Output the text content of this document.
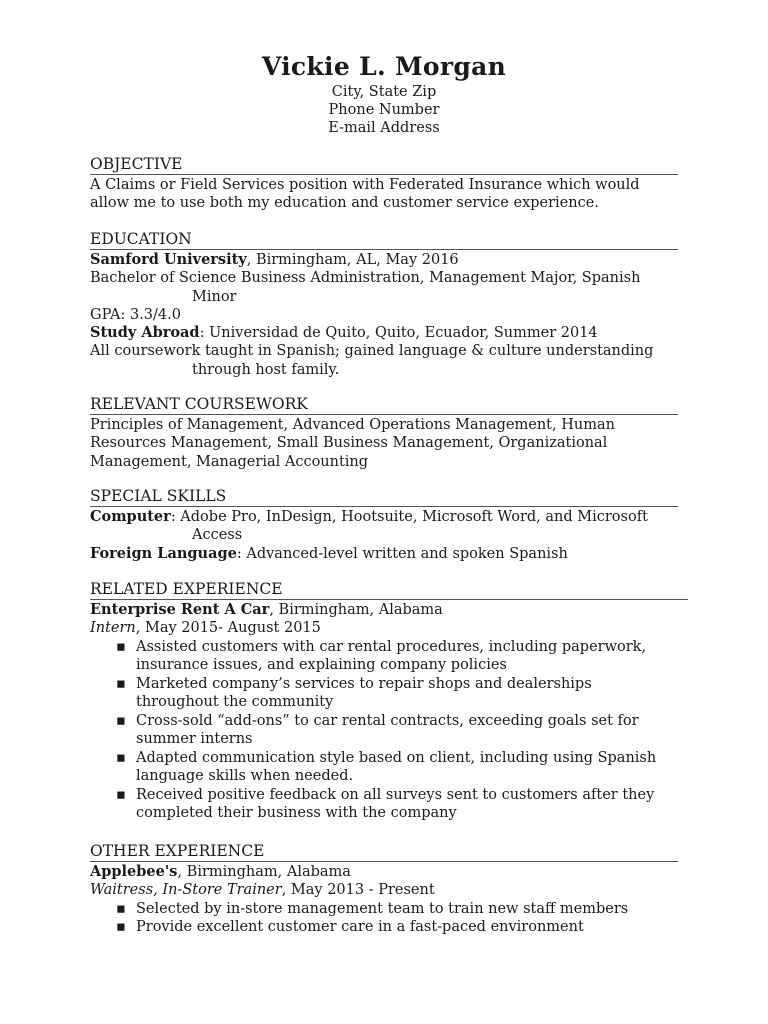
Vickie L. Morgan
City, State Zip
Phone Number
E-mail Address
OBJECTIVE
A Claims or Field Services position with Federated Insurance which would allow me to use both my education and customer service experience.
EDUCATION
Samford University, Birmingham, AL, May 2016
Bachelor of Science Business Administration, Management Major, Spanish
Minor
GPA: 3.3/4.0
Study Abroad: Universidad de Quito, Quito, Ecuador, Summer 2014
All coursework taught in Spanish; gained language & culture understanding
through host family.
RELEVANT COURSEWORK
Principles of Management, Advanced Operations Management, Human
Resources Management, Small Business Management, Organizational
Management, Managerial Accounting
SPECIAL SKILLS
Computer: Adobe Pro, InDesign, Hootsuite, Microsoft Word, and Microsoft
Access
Foreign Language: Advanced-level written and spoken Spanish
RELATED EXPERIENCE
Enterprise Rent A Car, Birmingham, Alabama
Intern, May 2015- August 2015
▪ Assisted customers with car rental procedures, including paperwork,
insurance issues, and explaining company policies
▪ Marketed company’s services to repair shops and dealerships
throughout the community
▪ Cross-sold “add-ons” to car rental contracts, exceeding goals set for
summer interns
▪ Adapted communication style based on client, including using Spanish
language skills when needed.
▪ Received positive feedback on all surveys sent to customers after they
completed their business with the company
OTHER EXPERIENCE
Applebee's, Birmingham, Alabama
Waitress, In-Store Trainer, May 2013 - Present
▪ Selected by in-store management team to train new staff members
▪ Provide excellent customer care in a fast-paced environment
